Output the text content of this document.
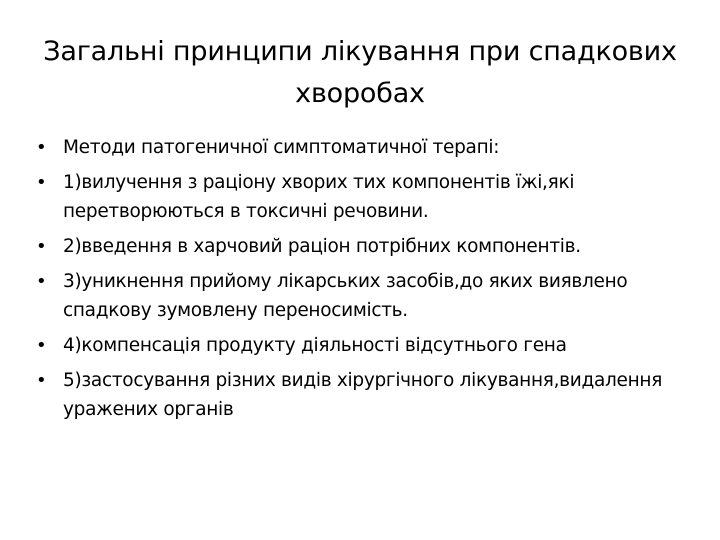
Загальні принципи лікування при спадкових хворобах
• Методи патогеничної симптоматичної терапі:
• 1)вилучення з раціону хворих тих компонентів їжі,які перетворюються в токсичні речовини.
• 2)введення в харчовий раціон потрібних компонентів.
• 3)уникнення прийому лікарських засобів,до яких виявлено спадкову зумовлену переносимість.
• 4)компенсація продукту діяльності відсутнього гена
• 5)застосування різних видів хірургічного лікування,видалення уражених органів
